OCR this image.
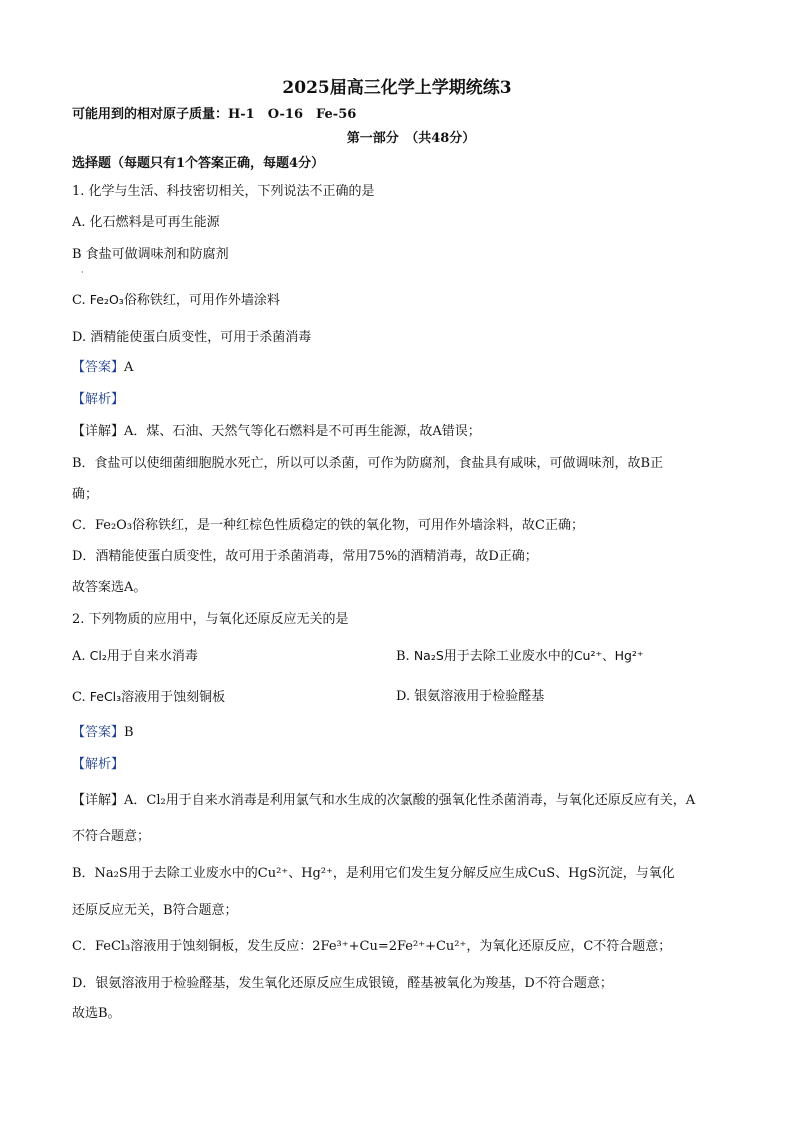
2025届高三化学上学期统练3
可能用到的相对原子质量：H-1　O-16　Fe-56
第一部分　（共48分）
选择题（每题只有1个答案正确，每题4分）
1. 化学与生活、科技密切相关，下列说法不正确的是
A. 化石燃料是可再生能源
B 食盐可做调味剂和防腐剂
·
C. Fe₂O₃俗称铁红，可用作外墙涂料
D. 酒精能使蛋白质变性，可用于杀菌消毒
【答案】A
【解析】
【详解】A．煤、石油、天然气等化石燃料是不可再生能源，故A错误；
B．食盐可以使细菌细胞脱水死亡，所以可以杀菌，可作为防腐剂，食盐具有咸味，可做调味剂，故B正
确；
C．Fe₂O₃俗称铁红，是一种红棕色性质稳定的铁的氧化物，可用作外墙涂料，故C正确；
D．酒精能使蛋白质变性，故可用于杀菌消毒，常用75%的酒精消毒，故D正确；
故答案选A。
2. 下列物质的应用中，与氧化还原反应无关的是
A. Cl₂用于自来水消毒	B. Na₂S用于去除工业废水中的Cu²⁺、Hg²⁺
C. FeCl₃溶液用于蚀刻铜板	D. 银氨溶液用于检验醛基
【答案】B
【解析】
【详解】A．Cl₂用于自来水消毒是利用氯气和水生成的次氯酸的强氧化性杀菌消毒，与氧化还原反应有关，A
不符合题意；
B．Na₂S用于去除工业废水中的Cu²⁺、Hg²⁺，是利用它们发生复分解反应生成CuS、HgS沉淀，与氧化
还原反应无关，B符合题意；
C．FeCl₃溶液用于蚀刻铜板，发生反应：2Fe³⁺+Cu=2Fe²⁺+Cu²⁺，为氧化还原反应，C不符合题意；
D．银氨溶液用于检验醛基，发生氧化还原反应生成银镜，醛基被氧化为羧基，D不符合题意；
故选B。
